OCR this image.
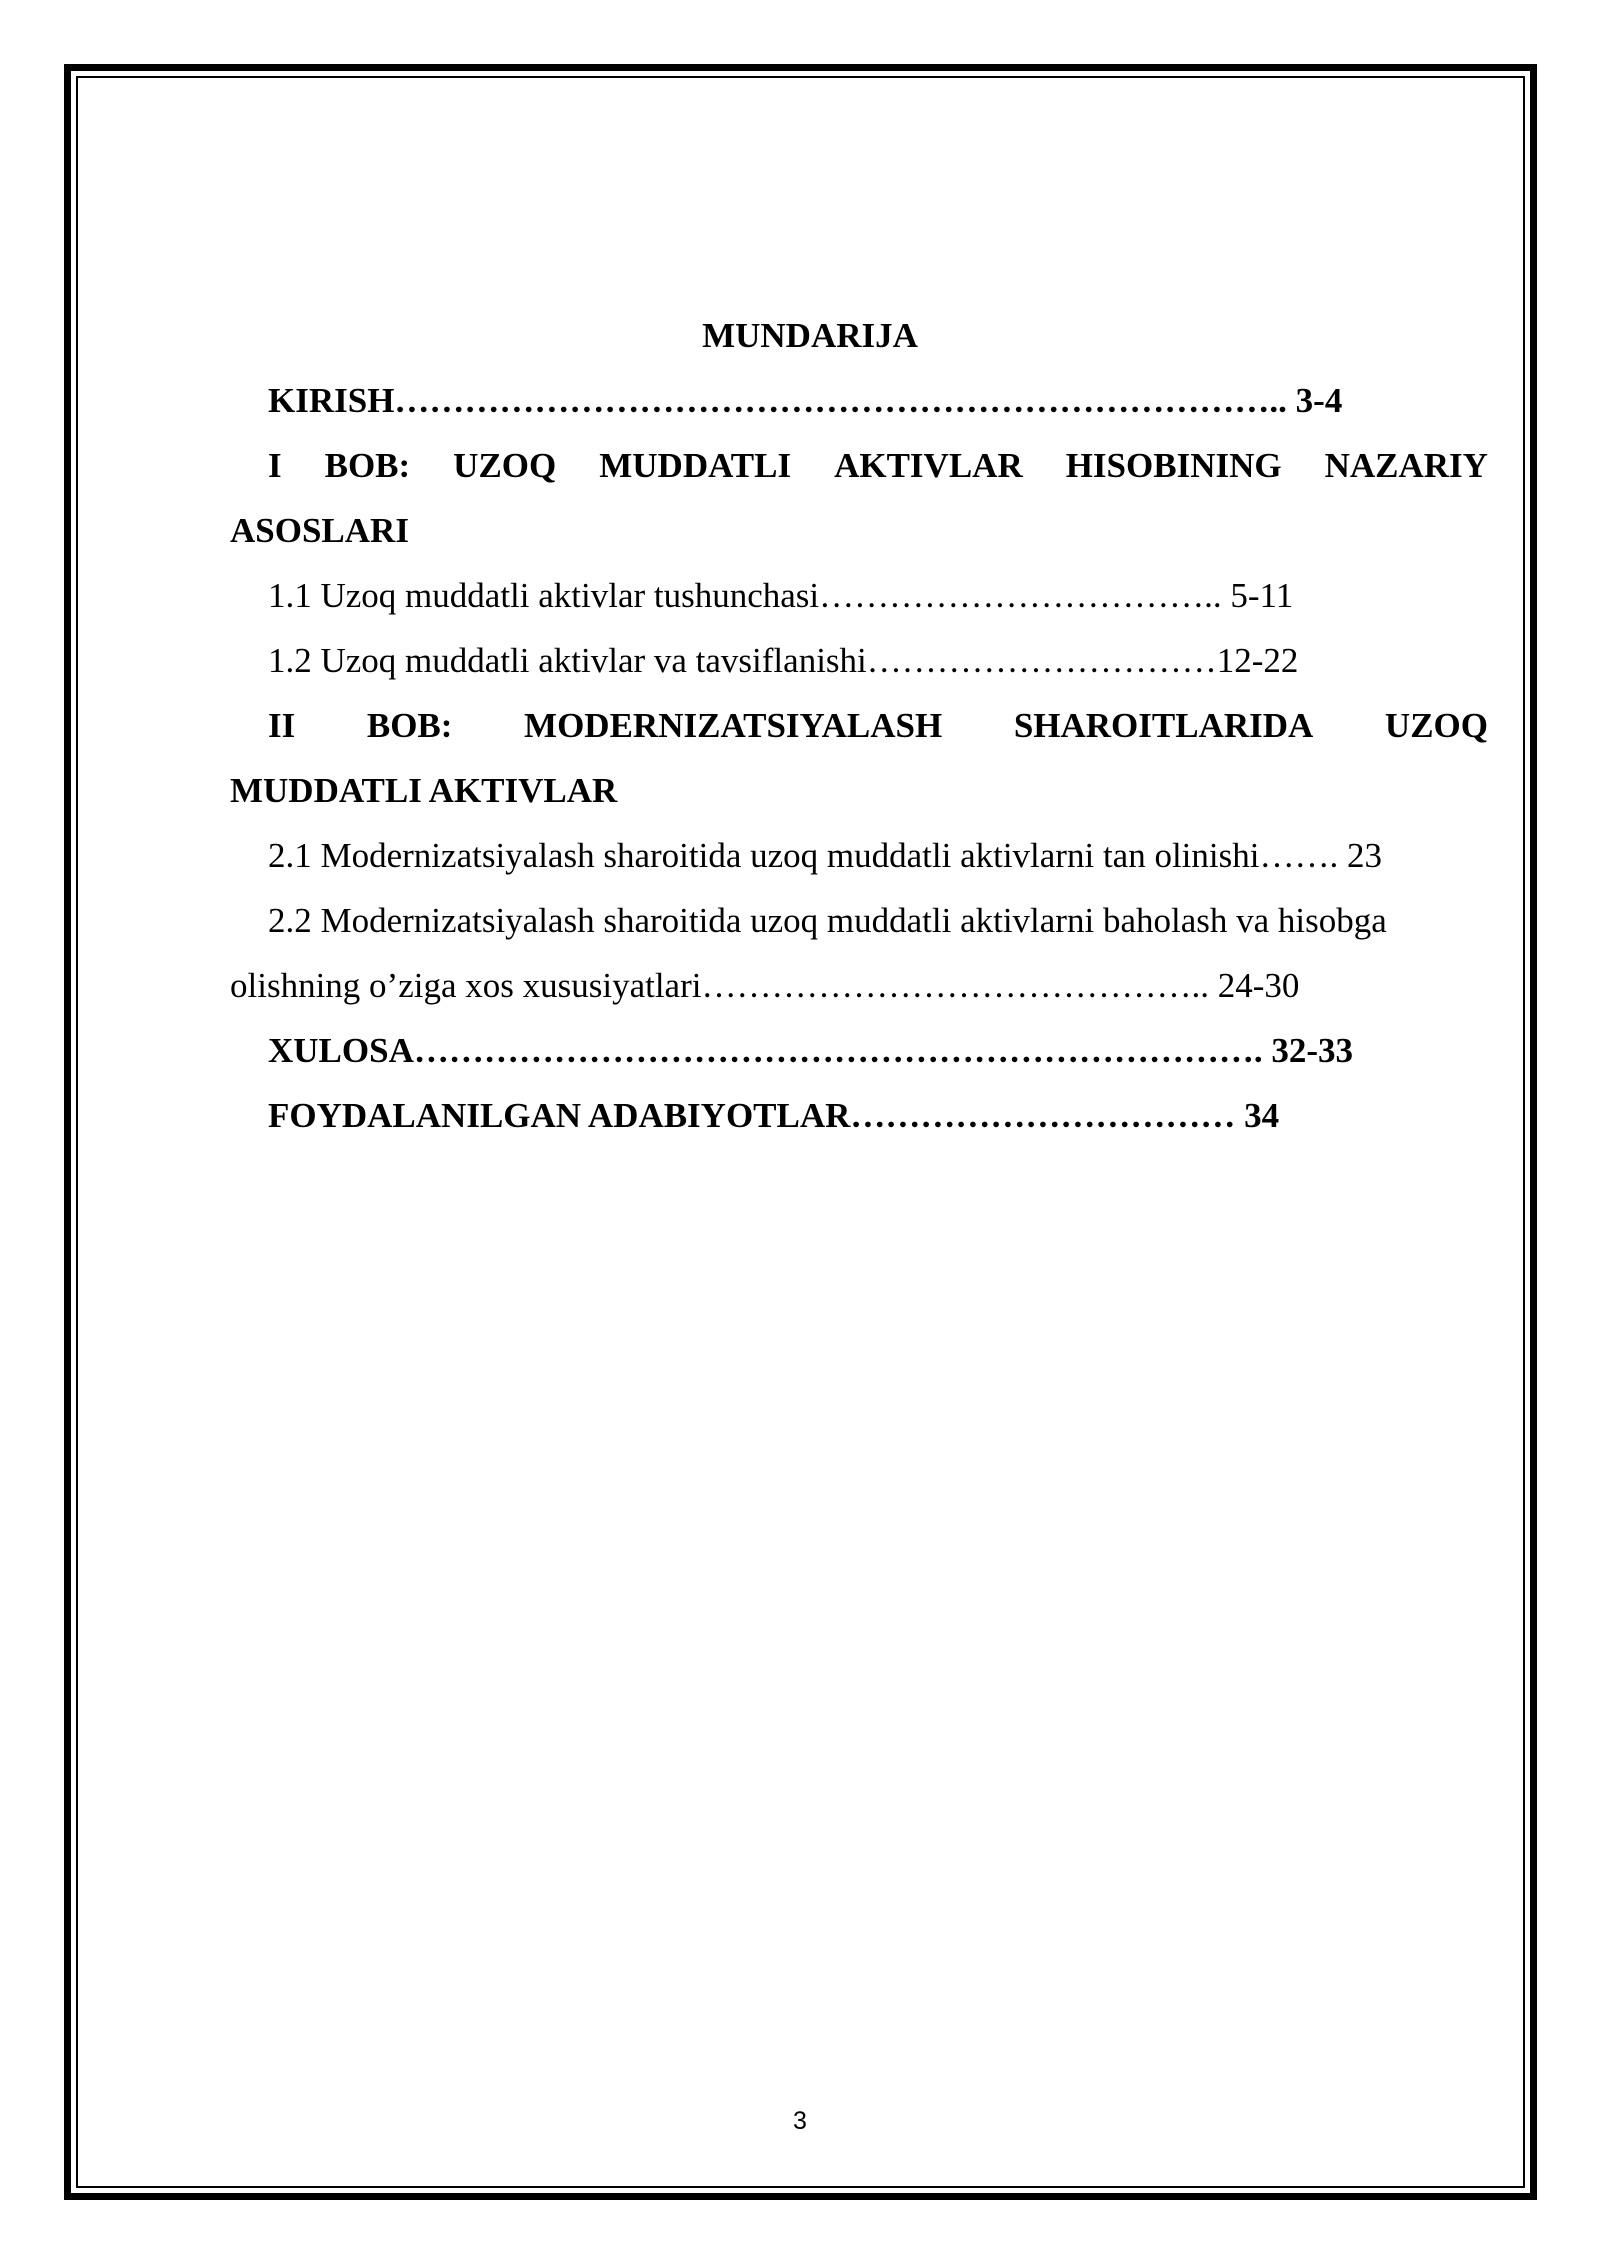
MUNDARIJA
KIRISH………………………………………………………………….. 3-4
I BOB: UZOQ MUDDATLI AKTIVLAR HISOBINING NAZARIY
ASOSLARI
1.1 Uzoq muddatli aktivlar tushunchasi…………………………….. 5-11
1.2 Uzoq muddatli aktivlar va tavsiflanishi…………………………12-22
II BOB: MODERNIZATSIYALASH SHAROITLARIDA UZOQ
MUDDATLI AKTIVLAR
2.1 Modernizatsiyalash sharoitida uzoq muddatli aktivlarni tan olinishi……. 23
2.2 Modernizatsiyalash sharoitida uzoq muddatli aktivlarni baholash va hisobga
olishning o’ziga xos xususiyatlari…………………………………….. 24-30
XULOSA………………………………………………………………. 32-33
FOYDALANILGAN ADABIYOTLAR…………………………… 34
3
